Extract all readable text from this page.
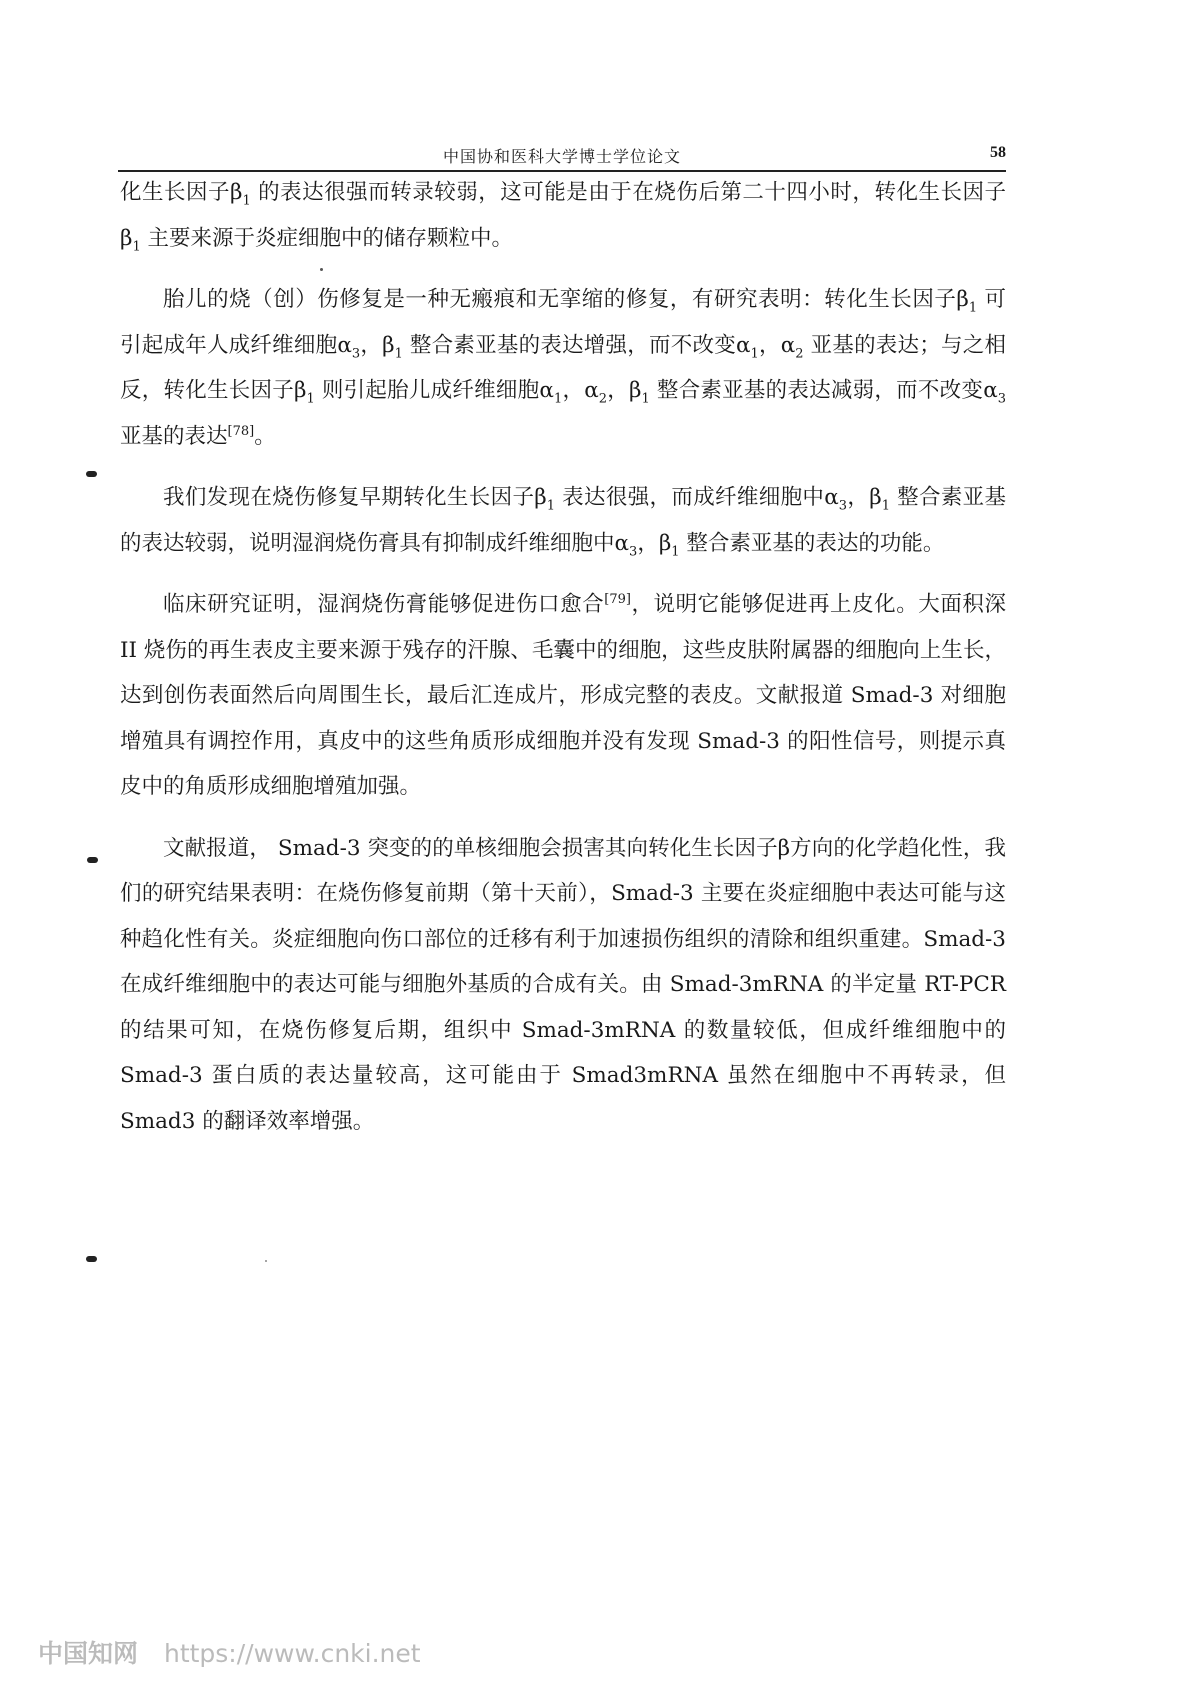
中国协和医科大学博士学位论文	58

化生长因子$\beta_1$ 的表达很强而转录较弱，这可能是由于在烧伤后第二十四小时，转化生长因子$\beta_1$ 主要来源于炎症细胞中的储存颗粒中。

胎儿的烧（创）伤修复是一种无瘢痕和无挛缩的修复，有研究表明：转化生长因子$\beta_1$ 可引起成年人成纤维细胞$\alpha_3$，$\beta_1$ 整合素亚基的表达增强，而不改变$\alpha_1$，$\alpha_2$ 亚基的表达；与之相反，转化生长因子$\beta_1$ 则引起胎儿成纤维细胞$\alpha_1$，$\alpha_2$，$\beta_1$ 整合素亚基的表达减弱，而不改变$\alpha_3$ 亚基的表达[78]。

我们发现在烧伤修复早期转化生长因子$\beta_1$ 表达很强，而成纤维细胞中$\alpha_3$，$\beta_1$ 整合素亚基的表达较弱，说明湿润烧伤膏具有抑制成纤维细胞中$\alpha_3$，$\beta_1$ 整合素亚基的表达的功能。

临床研究证明，湿润烧伤膏能够促进伤口愈合[79]，说明它能够促进再上皮化。大面积深 II 烧伤的再生表皮主要来源于残存的汗腺、毛囊中的细胞，这些皮肤附属器的细胞向上生长，达到创伤表面然后向周围生长，最后汇连成片，形成完整的表皮。文献报道 Smad-3 对细胞增殖具有调控作用，真皮中的这些角质形成细胞并没有发现 Smad-3 的阳性信号，则提示真皮中的角质形成细胞增殖加强。

文献报道， Smad-3 突变的的单核细胞会损害其向转化生长因子β方向的化学趋化性，我们的研究结果表明：在烧伤修复前期（第十天前），Smad-3 主要在炎症细胞中表达可能与这种趋化性有关。炎症细胞向伤口部位的迁移有利于加速损伤组织的清除和组织重建。Smad-3 在成纤维细胞中的表达可能与细胞外基质的合成有关。由 Smad-3mRNA 的半定量 RT-PCR 的结果可知，在烧伤修复后期，组织中 Smad-3mRNA 的数量较低，但成纤维细胞中的 Smad-3 蛋白质的表达量较高，这可能由于 Smad3mRNA 虽然在细胞中不再转录，但 Smad3 的翻译效率增强。

中国知网 https://www.cnki.net
